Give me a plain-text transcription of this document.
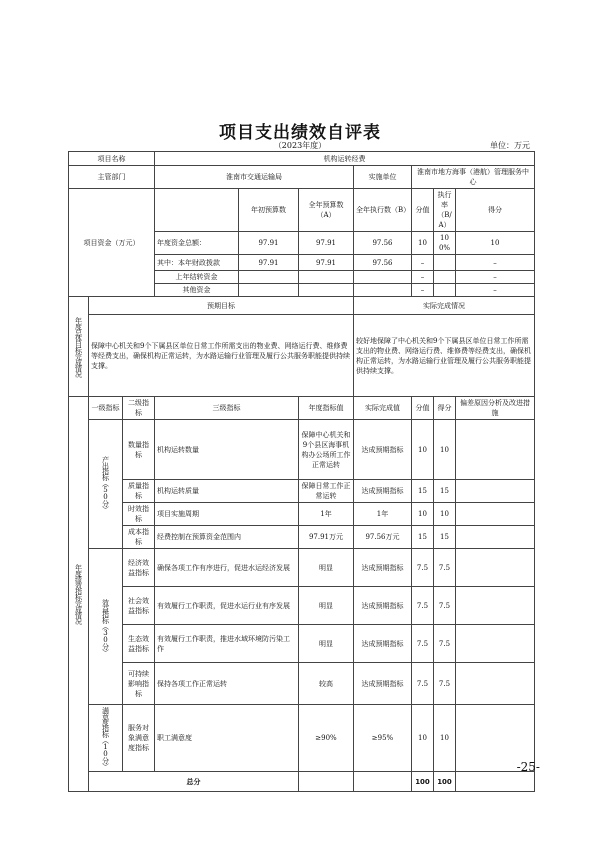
项目支出绩效自评表
（2023年度）	单位：万元
项目名称			机构运转经费						
主管部门			淮南市交通运输局			实施单位	淮南市地方海事（港航）管理服务中心		
项目资金（万元）				年初预算数	全年预算数（A）	全年执行数（B）	分值	执行率（B/A）	得分
			年度资金总额：	97.91	97.91	97.56	10	100%	10
			其中：本年财政拨款	97.91	97.91	97.56	–		–
			上年结转资金				–		–
			其他资金				–		–
年度总体目标完成情况	预期目标					实际完成情况			
	保障中心机关和9个下属县区单位日常工作所需支出的物业费、网络运行费、维修费等经费支出，确保机构正常运转，为水路运输行业管理及履行公共服务职能提供持续支撑。					较好地保障了中心机关和9个下属县区单位日常工作所需支出的物业费、网络运行费、维修费等经费支出，确保机构正常运转，为水路运输行业管理及履行公共服务职能提供持续支撑。			
年度绩效指标完成情况	一级指标	二级指标	三级指标		年度指标值	实际完成值	分值	得分	偏差原因分析及改进措施
	产出指标（50分）	数量指标	机构运转数量		保障中心机关和9个县区海事机构办公场所工作正常运转	达成预期指标	10	10	
		质量指标	机构运转质量		保障日常工作正常运转	达成预期指标	15	15	
		时效指标	项目实施周期		1年	1年	10	10	
		成本指标	经费控制在预算资金范围内		97.91万元	97.56万元	15	15	
	效益指标（30分）	经济效益指标	确保各项工作有序进行，促进水运经济发展		明显	达成预期指标	7.5	7.5	
		社会效益指标	有效履行工作职责，促进水运行业有序发展		明显	达成预期指标	7.5	7.5	
		生态效益指标	有效履行工作职责，推进水域环境防污染工作		明显	达成预期指标	7.5	7.5	
		可持续影响指标	保持各项工作正常运转		较高	达成预期指标	7.5	7.5	
	满意度指标（10分）	服务对象满意度指标	职工满意度		≥90%	≥95%	10	10	
	总分						100	100	
-25-
